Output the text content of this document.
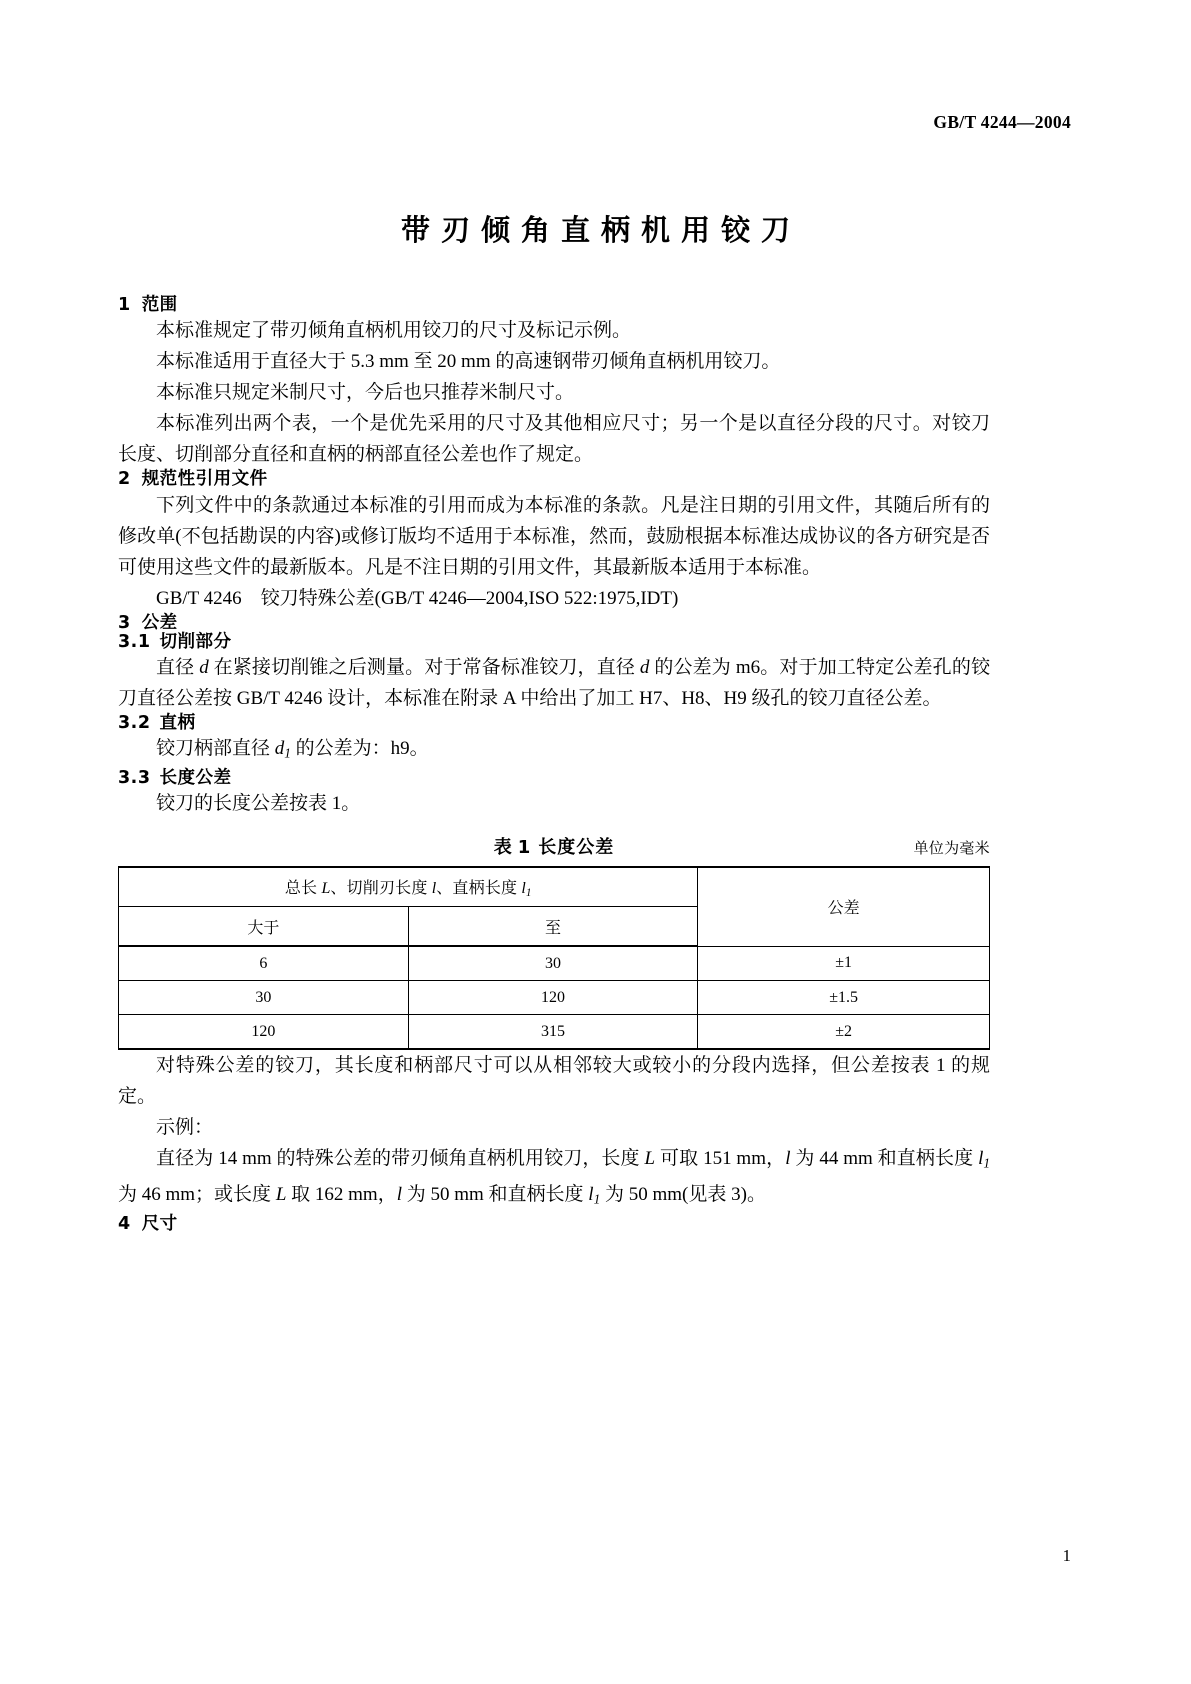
GB/T 4244—2004
带刃倾角直柄机用铰刀
1 范围

本标准规定了带刃倾角直柄机用铰刀的尺寸及标记示例。

本标准适用于直径大于 5.3 mm 至 20 mm 的高速钢带刃倾角直柄机用铰刀。

本标准只规定米制尺寸，今后也只推荐米制尺寸。

本标准列出两个表，一个是优先采用的尺寸及其他相应尺寸；另一个是以直径分段的尺寸。对铰刀长度、切削部分直径和直柄的柄部直径公差也作了规定。

2 规范性引用文件

下列文件中的条款通过本标准的引用而成为本标准的条款。凡是注日期的引用文件，其随后所有的修改单(不包括勘误的内容)或修订版均不适用于本标准，然而，鼓励根据本标准达成协议的各方研究是否可使用这些文件的最新版本。凡是不注日期的引用文件，其最新版本适用于本标准。

GB/T 4246　铰刀特殊公差(GB/T 4246—2004,ISO 522:1975,IDT)

3 公差
3.1 切削部分

直径 d 在紧接切削锥之后测量。对于常备标准铰刀，直径 d 的公差为 m6。对于加工特定公差孔的铰刀直径公差按 GB/T 4246 设计，本标准在附录 A 中给出了加工 H7、H8、H9 级孔的铰刀直径公差。

3.2 直柄

铰刀柄部直径 $d_1$ 的公差为：h9。

3.3 长度公差

铰刀的长度公差按表 1。

表 1 长度公差	单位为毫米
总长 L、切削刃长度 l、直柄长度 $l_1$		公差
大于	至	
6	30	±1
30	120	±1.5
120	315	±2

对特殊公差的铰刀，其长度和柄部尺寸可以从相邻较大或较小的分段内选择，但公差按表 1 的规定。

示例：

直径为 14 mm 的特殊公差的带刃倾角直柄机用铰刀，长度 L 可取 151 mm，l 为 44 mm 和直柄长度 $l_1$ 为 46 mm；或长度 L 取 162 mm，l 为 50 mm 和直柄长度 $l_1$ 为 50 mm(见表 3)。

4 尺寸
1
